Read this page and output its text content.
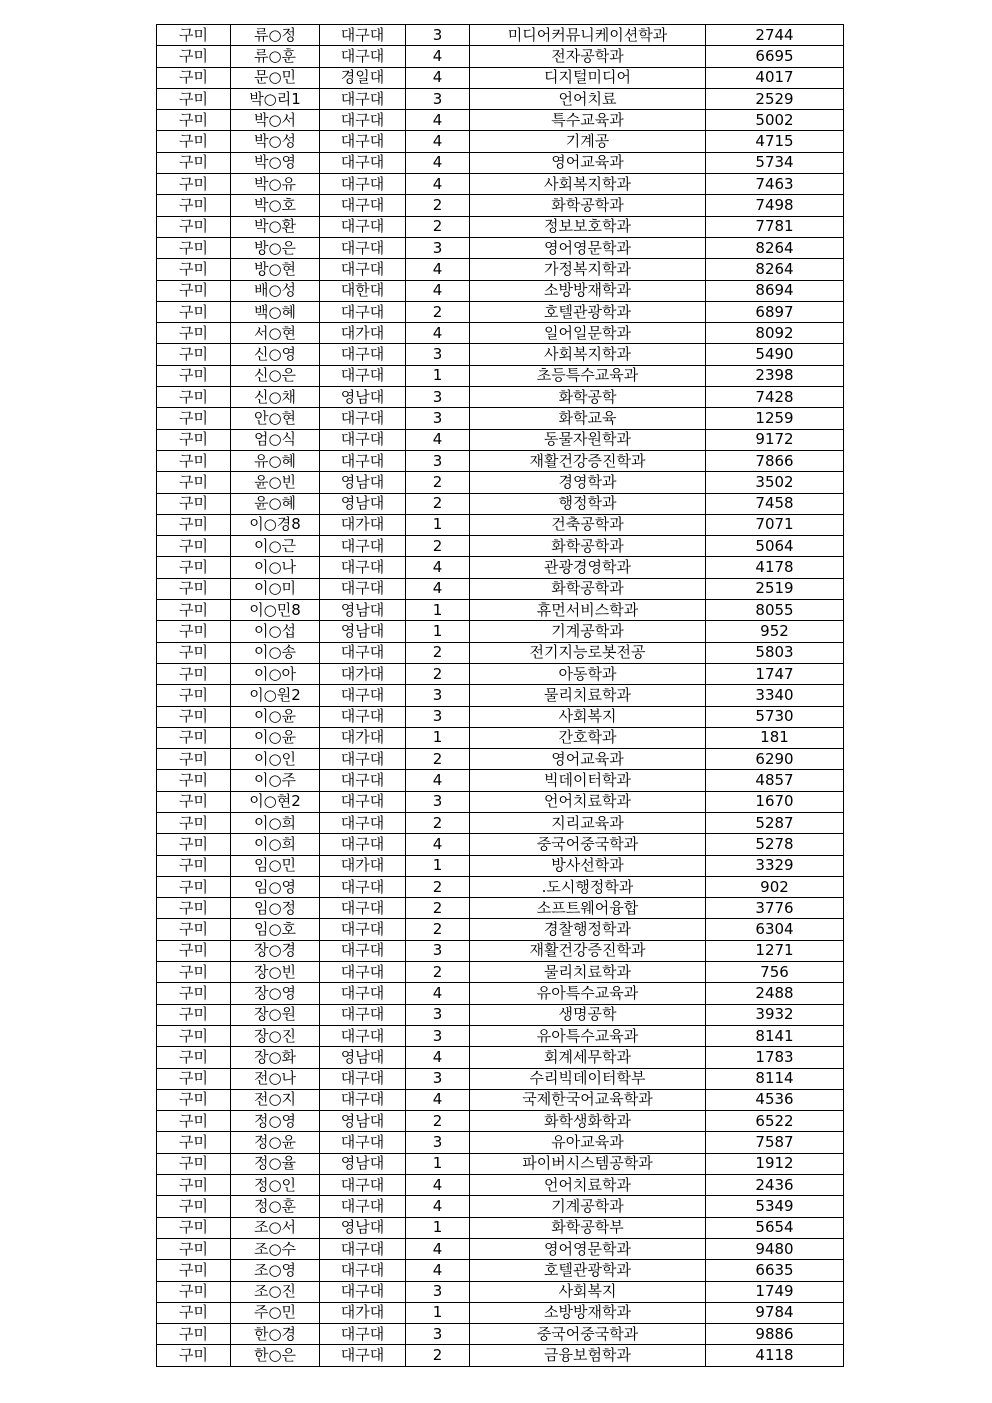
구미	류○정	대구대	3	미디어커뮤니케이션학과	2744
구미	류○훈	대구대	4	전자공학과	6695
구미	문○민	경일대	4	디지털미디어	4017
구미	박○리1	대구대	3	언어치료	2529
구미	박○서	대구대	4	특수교육과	5002
구미	박○성	대구대	4	기계공	4715
구미	박○영	대구대	4	영어교육과	5734
구미	박○유	대구대	4	사회복지학과	7463
구미	박○호	대구대	2	화학공학과	7498
구미	박○환	대구대	2	정보보호학과	7781
구미	방○은	대구대	3	영어영문학과	8264
구미	방○현	대구대	4	가정복지학과	8264
구미	배○성	대한대	4	소방방재학과	8694
구미	백○혜	대구대	2	호텔관광학과	6897
구미	서○현	대가대	4	일어일문학과	8092
구미	신○영	대구대	3	사회복지학과	5490
구미	신○은	대구대	1	초등특수교육과	2398
구미	신○채	영남대	3	화학공학	7428
구미	안○현	대구대	3	화학교육	1259
구미	엄○식	대구대	4	동물자원학과	9172
구미	유○혜	대구대	3	재활건강증진학과	7866
구미	윤○빈	영남대	2	경영학과	3502
구미	윤○혜	영남대	2	행정학과	7458
구미	이○경8	대가대	1	건축공학과	7071
구미	이○근	대구대	2	화학공학과	5064
구미	이○나	대구대	4	관광경영학과	4178
구미	이○미	대구대	4	화학공학과	2519
구미	이○민8	영남대	1	휴먼서비스학과	8055
구미	이○섭	영남대	1	기계공학과	952
구미	이○송	대구대	2	전기지능로봇전공	5803
구미	이○아	대가대	2	아동학과	1747
구미	이○원2	대구대	3	물리치료학과	3340
구미	이○윤	대구대	3	사회복지	5730
구미	이○윤	대가대	1	간호학과	181
구미	이○인	대구대	2	영어교육과	6290
구미	이○주	대구대	4	빅데이터학과	4857
구미	이○현2	대구대	3	언어치료학과	1670
구미	이○희	대구대	2	지리교육과	5287
구미	이○희	대구대	4	중국어중국학과	5278
구미	임○민	대가대	1	방사선학과	3329
구미	임○영	대구대	2	.도시행정학과	902
구미	임○정	대구대	2	소프트웨어융합	3776
구미	임○호	대구대	2	경찰행정학과	6304
구미	장○경	대구대	3	재활건강증진학과	1271
구미	장○빈	대구대	2	물리치료학과	756
구미	장○영	대구대	4	유아특수교육과	2488
구미	장○원	대구대	3	생명공학	3932
구미	장○진	대구대	3	유아특수교육과	8141
구미	장○화	영남대	4	회계세무학과	1783
구미	전○나	대구대	3	수리빅데이터학부	8114
구미	전○지	대구대	4	국제한국어교육학과	4536
구미	정○영	영남대	2	화학생화학과	6522
구미	정○윤	대구대	3	유아교육과	7587
구미	정○율	영남대	1	파이버시스템공학과	1912
구미	정○인	대구대	4	언어치료학과	2436
구미	정○훈	대구대	4	기계공학과	5349
구미	조○서	영남대	1	화학공학부	5654
구미	조○수	대구대	4	영어영문학과	9480
구미	조○영	대구대	4	호텔관광학과	6635
구미	조○진	대구대	3	사회복지	1749
구미	주○민	대가대	1	소방방재학과	9784
구미	한○경	대구대	3	중국어중국학과	9886
구미	한○은	대구대	2	금융보험학과	4118
